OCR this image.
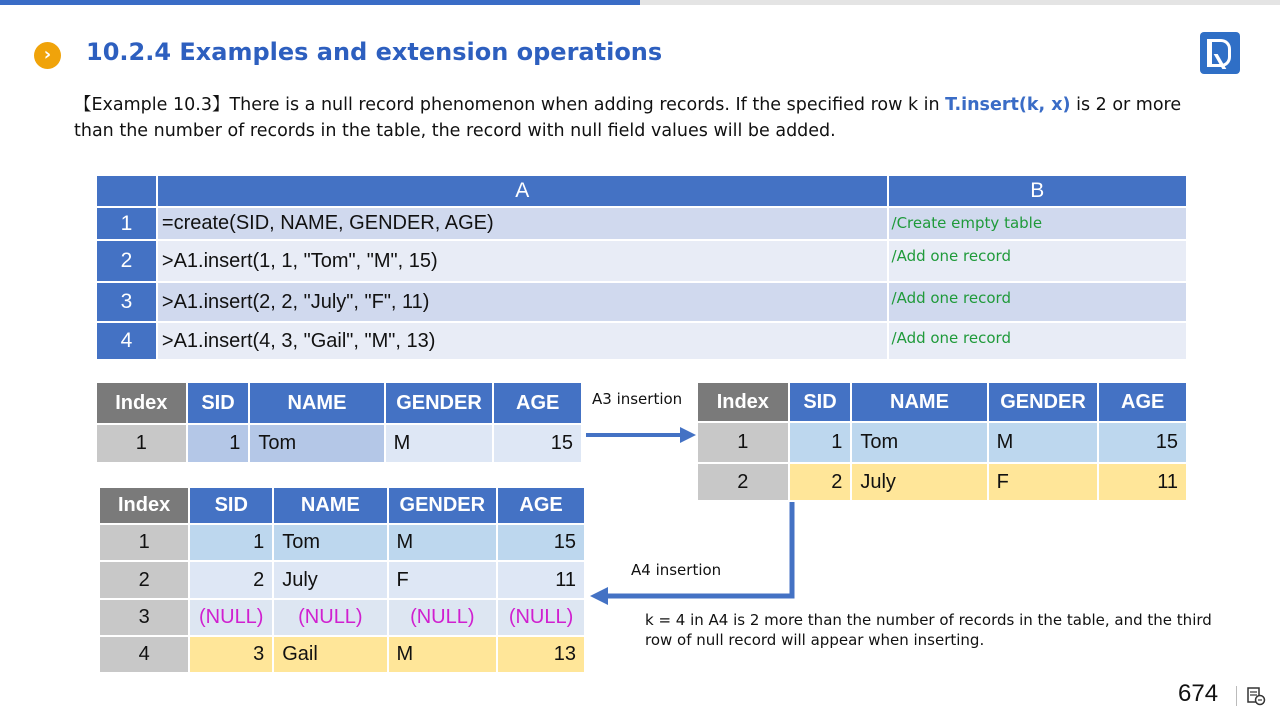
›	10.2.4 Examples and extension operations
【Example 10.3】There is a null record phenomenon when adding records. If the specified row k in T.insert(k, x) is 2 or more than the number of records in the table, the record with null field values will be added.
	A	B
1	=create(SID, NAME, GENDER, AGE)	/Create empty table
2	>A1.insert(1, 1, "Tom", "M", 15)	/Add one record
3	>A1.insert(2, 2, "July", "F", 11)	/Add one record
4	>A1.insert(4, 3, "Gail", "M", 13)	/Add one record
Index	SID	NAME	GENDER	AGE
1	1	Tom	M	15
A3 insertion Index	SID	NAME	GENDER	AGE
1	1	Tom	M	15
2	2	July	F	11
A4 insertion
Index	SID	NAME	GENDER	AGE
1	1	Tom	M	15
2	2	July	F	11
3	(NULL)	(NULL)	(NULL)	(NULL)
4	3	Gail	M	13
k = 4 in A4 is 2 more than the number of records in the table, and the third row of null record will appear when inserting.
674
